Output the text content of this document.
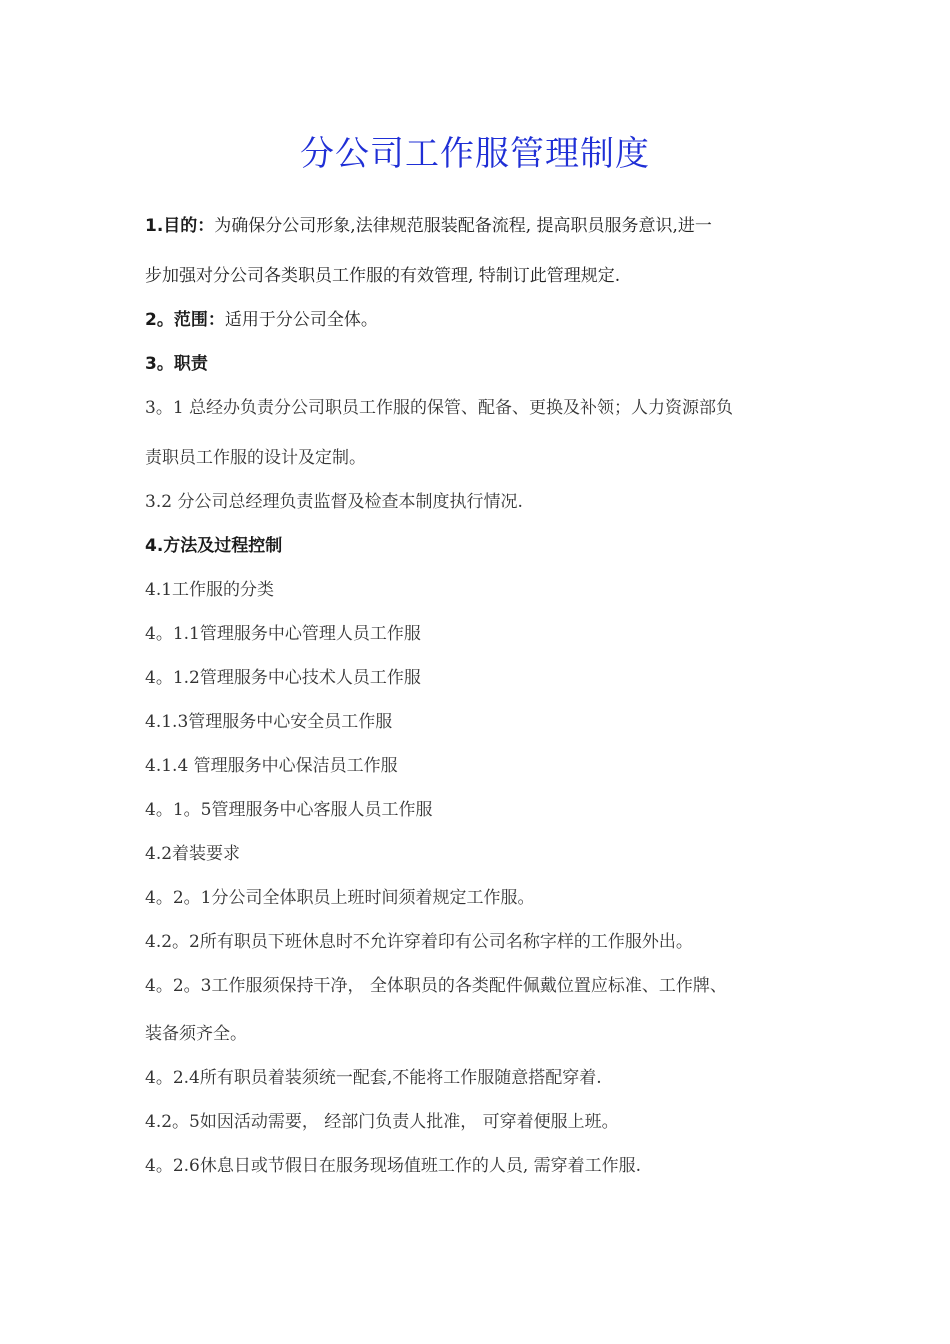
分公司工作服管理制度
1.目的：为确保分公司形象,法律规范服装配备流程, 提高职员服务意识,进一
步加强对分公司各类职员工作服的有效管理, 特制订此管理规定.
2。范围：适用于分公司全体。
3。职责
3。1 总经办负责分公司职员工作服的保管、配备、更换及补领；人力资源部负
责职员工作服的设计及定制。
3.2 分公司总经理负责监督及检查本制度执行情况.
4.方法及过程控制
4.1工作服的分类
4。1.1管理服务中心管理人员工作服
4。1.2管理服务中心技术人员工作服
4.1.3管理服务中心安全员工作服
4.1.4 管理服务中心保洁员工作服
4。1。5管理服务中心客服人员工作服
4.2着装要求
4。2。1分公司全体职员上班时间须着规定工作服。
4.2。2所有职员下班休息时不允许穿着印有公司名称字样的工作服外出。
4。2。3工作服须保持干净， 全体职员的各类配件佩戴位置应标准、工作牌、
装备须齐全。
4。2.4所有职员着装须统一配套,不能将工作服随意搭配穿着.
4.2。5如因活动需要， 经部门负责人批准， 可穿着便服上班。
4。2.6休息日或节假日在服务现场值班工作的人员, 需穿着工作服.
